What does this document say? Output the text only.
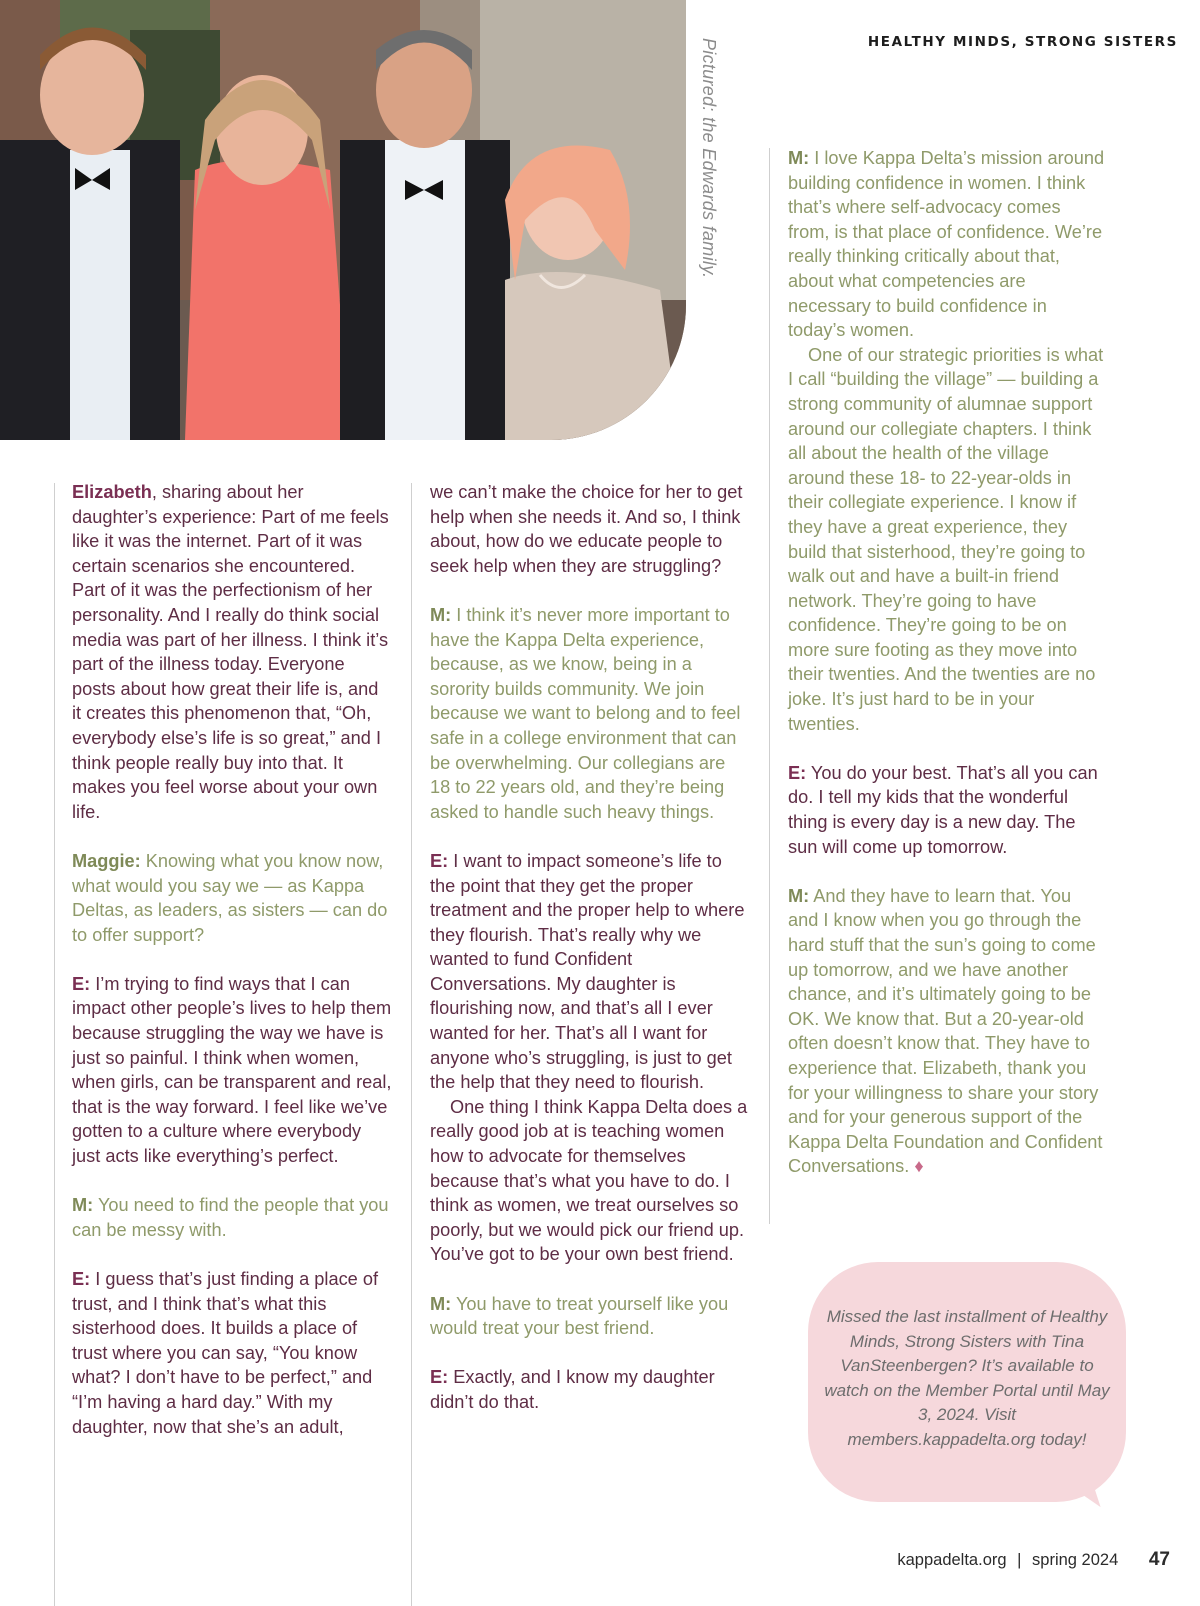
HEALTHY MINDS, STRONG SISTERS
Pictured: the Edwards family.

Elizabeth, sharing about her daughter’s experience: Part of me feels like it was the internet. Part of it was certain scenarios she encountered. Part of it was the perfectionism of her personality. And I really do think social media was part of her illness. I think it’s part of the illness today. Everyone posts about how great their life is, and it creates this phenomenon that, “Oh, everybody else’s life is so great,” and I think people really buy into that. It makes you feel worse about your own life.

Maggie: Knowing what you know now, what would you say we — as Kappa Deltas, as leaders, as sisters — can do to offer support?

E: I’m trying to find ways that I can impact other people’s lives to help them because struggling the way we have is just so painful. I think when women, when girls, can be transparent and real, that is the way forward. I feel like we’ve gotten to a culture where everybody just acts like everything’s perfect.

M: You need to find the people that you can be messy with.

E: I guess that’s just finding a place of trust, and I think that’s what this sisterhood does. It builds a place of trust where you can say, “You know what? I don’t have to be perfect,” and “I’m having a hard day.” With my daughter, now that she’s an adult,

we can’t make the choice for her to get help when she needs it. And so, I think about, how do we educate people to seek help when they are struggling?

M: I think it’s never more important to have the Kappa Delta experience, because, as we know, being in a sorority builds community. We join because we want to belong and to feel safe in a college environment that can be overwhelming. Our collegians are 18 to 22 years old, and they’re being asked to handle such heavy things.

E: I want to impact someone’s life to the point that they get the proper treatment and the proper help to where they flourish. That’s really why we wanted to fund Confident Conversations. My daughter is flourishing now, and that’s all I ever wanted for her. That’s all I want for anyone who’s struggling, is just to get the help that they need to flourish.

One thing I think Kappa Delta does a really good job at is teaching women how to advocate for themselves because that’s what you have to do. I think as women, we treat ourselves so poorly, but we would pick our friend up. You’ve got to be your own best friend.

M: You have to treat yourself like you would treat your best friend.

E: Exactly, and I know my daughter didn’t do that.

M: I love Kappa Delta’s mission around building confidence in women. I think that’s where self-advocacy comes from, is that place of confidence. We’re really thinking critically about that, about what competencies are necessary to build confidence in today’s women.

One of our strategic priorities is what I call “building the village” — building a strong community of alumnae support around our collegiate chapters. I think all about the health of the village around these 18- to 22-year-olds in their collegiate experience. I know if they have a great experience, they build that sisterhood, they’re going to walk out and have a built-in friend network. They’re going to have confidence. They’re going to be on more sure footing as they move into their twenties. And the twenties are no joke. It’s just hard to be in your twenties.

E: You do your best. That’s all you can do. I tell my kids that the wonderful thing is every day is a new day. The sun will come up tomorrow.

M: And they have to learn that. You and I know when you go through the hard stuff that the sun’s going to come up tomorrow, and we have another chance, and it’s ultimately going to be OK. We know that. But a 20-year-old often doesn’t know that. They have to experience that. Elizabeth, thank you for your willingness to share your story and for your generous support of the Kappa Delta Foundation and Confident Conversations. ♦

Missed the last installment of Healthy Minds, Strong Sisters with Tina VanSteenbergen? It’s available to watch on the Member Portal until May 3, 2024. Visit members.kappadelta.org today!
kappadelta.org | spring 2024 47
